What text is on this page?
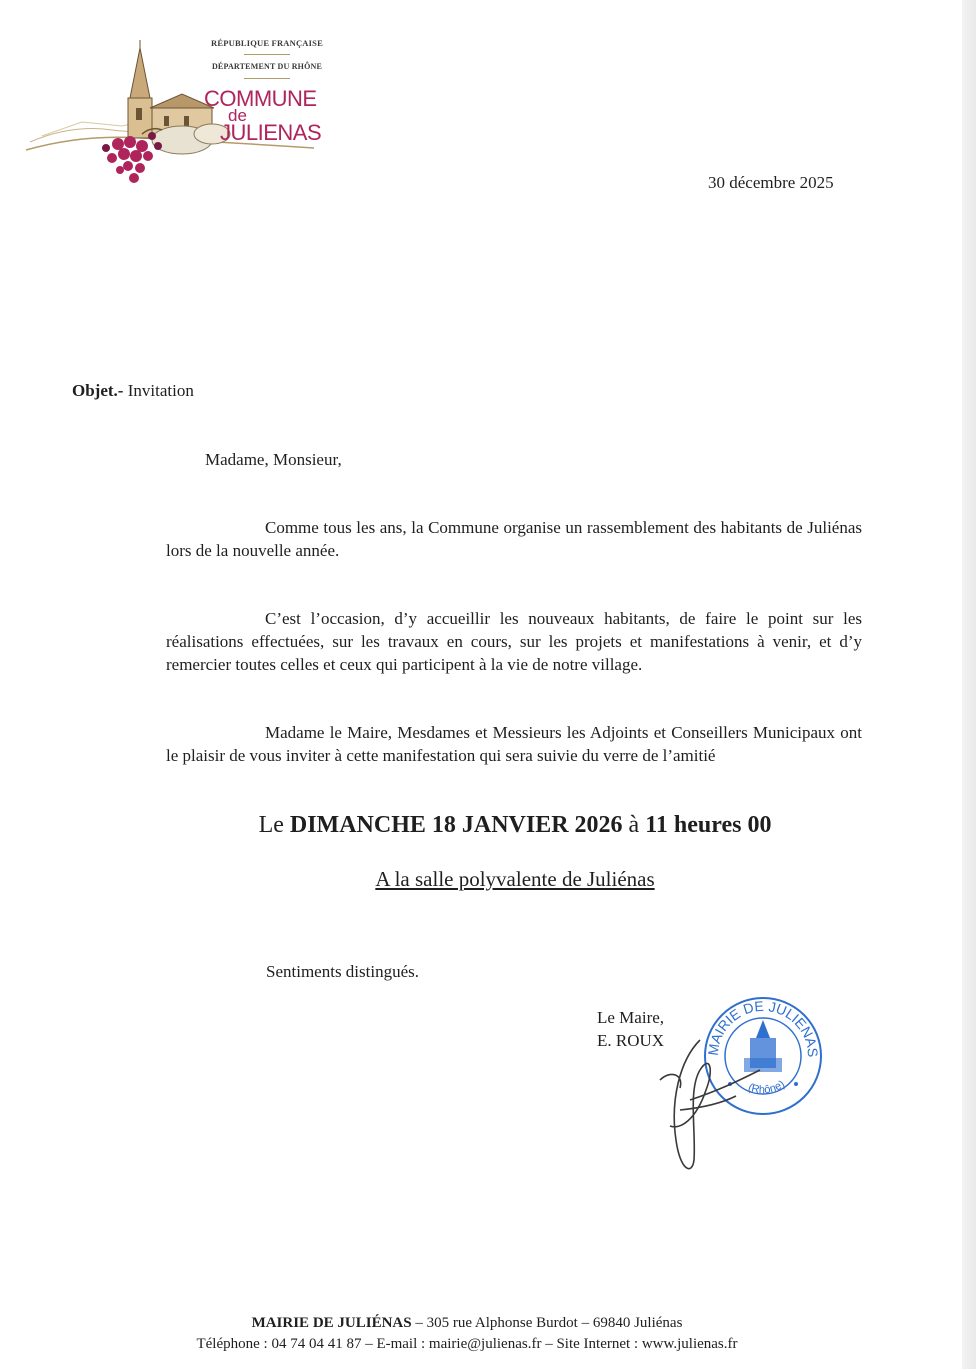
RÉPUBLIQUE FRANÇAISE
DÉPARTEMENT DU RHÔNE
COMMUNE
de
JULIENAS
30 décembre 2025
Objet.- Invitation
Madame, Monsieur,
Comme tous les ans, la Commune organise un rassemblement des habitants de Juliénas lors de la nouvelle année.
C’est l’occasion, d’y accueillir les nouveaux habitants, de faire le point sur les réalisations effectuées, sur les travaux en cours, sur les projets et manifestations à venir, et d’y remercier toutes celles et ceux qui participent à la vie de notre village.
Madame le Maire, Mesdames et Messieurs les Adjoints et Conseillers Municipaux ont le plaisir de vous inviter à cette manifestation qui sera suivie du verre de l’amitié
Le DIMANCHE 18 JANVIER 2026 à 11 heures 00
A la salle polyvalente de Juliénas
Sentiments distingués.
MAIRIE DE JULIENAS
(Rhône)
Le Maire,
E. ROUX
MAIRIE DE JULIÉNAS – 305 rue Alphonse Burdot – 69840 Juliénas
Téléphone : 04 74 04 41 87 – E-mail : mairie@julienas.fr – Site Internet : www.julienas.fr
